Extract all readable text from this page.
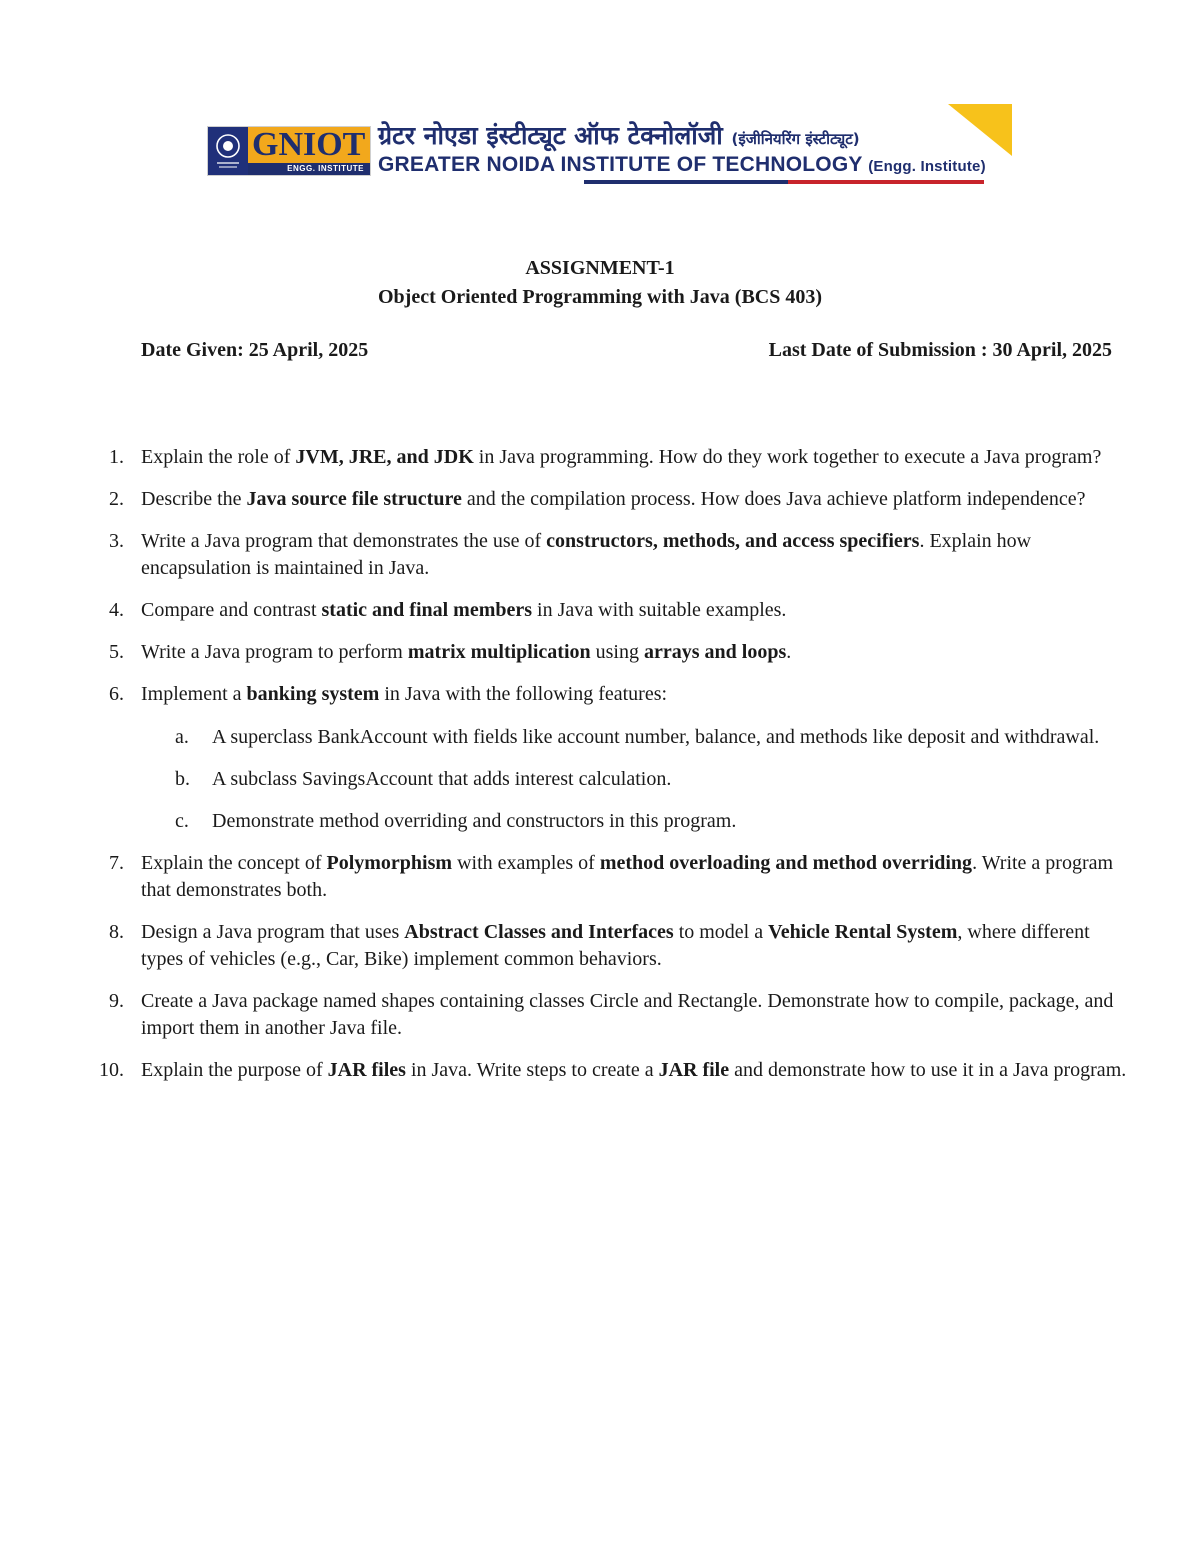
GNIOT
ENGG. INSTITUTE
ग्रेटर नोएडा इंस्टीट्यूट ऑफ टेक्नोलॉजी (इंजीनियरिंग इंस्टीट्यूट)
GREATER NOIDA INSTITUTE OF TECHNOLOGY (Engg. Institute)
ASSIGNMENT-1
Object Oriented Programming with Java (BCS 403)
Date Given: 25 April, 2025	Last Date of Submission : 30 April, 2025
1. Explain the role of JVM, JRE, and JDK in Java programming. How do they work together to execute a Java program?
2. Describe the Java source file structure and the compilation process. How does Java achieve platform independence?
3. Write a Java program that demonstrates the use of constructors, methods, and access specifiers. Explain how encapsulation is maintained in Java.
4. Compare and contrast static and final members in Java with suitable examples.
5. Write a Java program to perform matrix multiplication using arrays and loops.
6. Implement a banking system in Java with the following features:
a. A superclass BankAccount with fields like account number, balance, and methods like deposit and withdrawal.
b. A subclass SavingsAccount that adds interest calculation.
c. Demonstrate method overriding and constructors in this program.
7. Explain the concept of Polymorphism with examples of method overloading and method overriding. Write a program that demonstrates both.
8. Design a Java program that uses Abstract Classes and Interfaces to model a Vehicle Rental System, where different types of vehicles (e.g., Car, Bike) implement common behaviors.
9. Create a Java package named shapes containing classes Circle and Rectangle. Demonstrate how to compile, package, and import them in another Java file.
10. Explain the purpose of JAR files in Java. Write steps to create a JAR file and demonstrate how to use it in a Java program.
